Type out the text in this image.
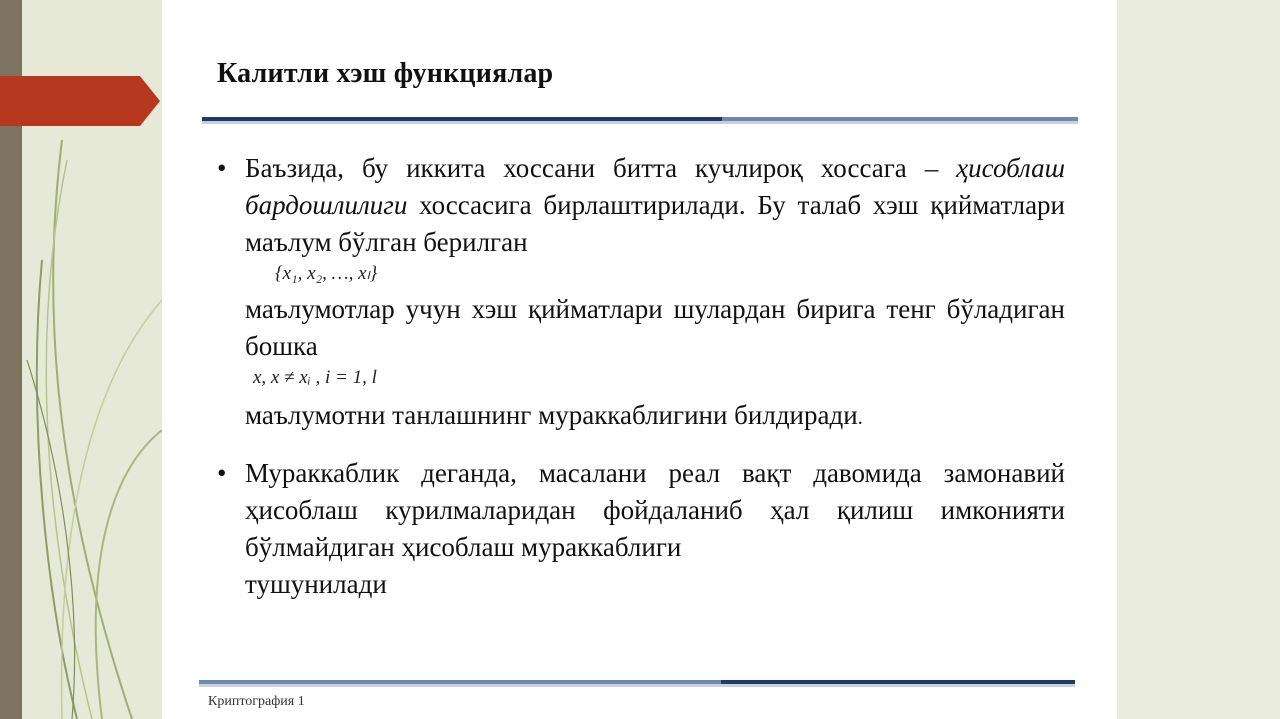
Калитли хэш функциялар
• Баъзида, бу иккита хоссани битта кучлироқ хоссага – ҳисоблаш бардошлилиги хоссасига бирлаштирилади. Бу талаб хэш қийматлари маълум бўлган берилган

{x₁, x₂, …, xₗ}

маълумотлар учун хэш қийматлари шулардан бирига тенг бўладиган бошка

x, x ≠ xᵢ , i = 1, l

маълумотни танлашнинг мураккаблигини билдиради.

• Мураккаблик деганда, масалани реал вақт давомида замонавий ҳисоблаш курилмаларидан фойдаланиб ҳал қилиш имконияти бўлмайдиган ҳисоблаш мураккаблиги

тушунилади

Криптография 1
